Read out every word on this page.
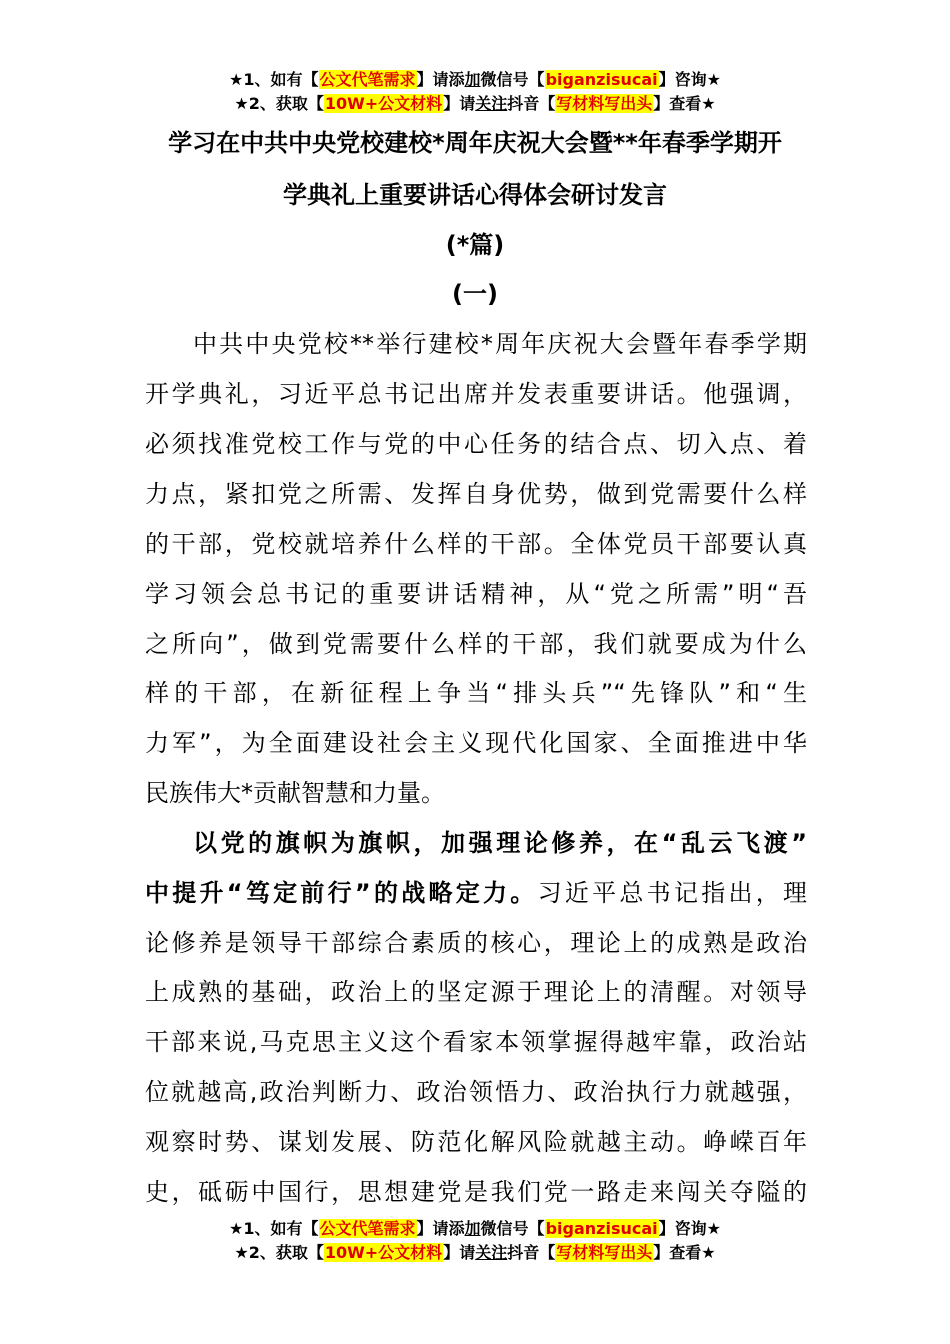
★1、如有【公文代笔需求】请添加微信号【biganzisucai】咨询★
★2、获取【10W+公文材料】请关注抖音【写材料写出头】查看★
学习在中共中央党校建校*周年庆祝大会暨**年春季学期开
学典礼上重要讲话心得体会研讨发言
(*篇)
(一)
中共中央党校**举行建校*周年庆祝大会暨年春季学期
开学典礼，习近平总书记出席并发表重要讲话。他强调，
必须找准党校工作与党的中心任务的结合点、切入点、着
力点，紧扣党之所需、发挥自身优势，做到党需要什么样
的干部，党校就培养什么样的干部。全体党员干部要认真
学习领会总书记的重要讲话精神，从“党之所需”明“吾
之所向”，做到党需要什么样的干部，我们就要成为什么
样的干部，在新征程上争当“排头兵”“先锋队”和“生
力军”，为全面建设社会主义现代化国家、全面推进中华
民族伟大*贡献智慧和力量。
以党的旗帜为旗帜，加强理论修养，在“乱云飞渡”
中提升“笃定前行”的战略定力。习近平总书记指出，理
论修养是领导干部综合素质的核心，理论上的成熟是政治
上成熟的基础，政治上的坚定源于理论上的清醒。对领导
干部来说,马克思主义这个看家本领掌握得越牢靠，政治站
位就越高,政治判断力、政治领悟力、政治执行力就越强，
观察时势、谋划发展、防范化解风险就越主动。峥嵘百年
史，砥砺中国行，思想建党是我们党一路走来闯关夺隘的
★1、如有【公文代笔需求】请添加微信号【biganzisucai】咨询★
★2、获取【10W+公文材料】请关注抖音【写材料写出头】查看★
